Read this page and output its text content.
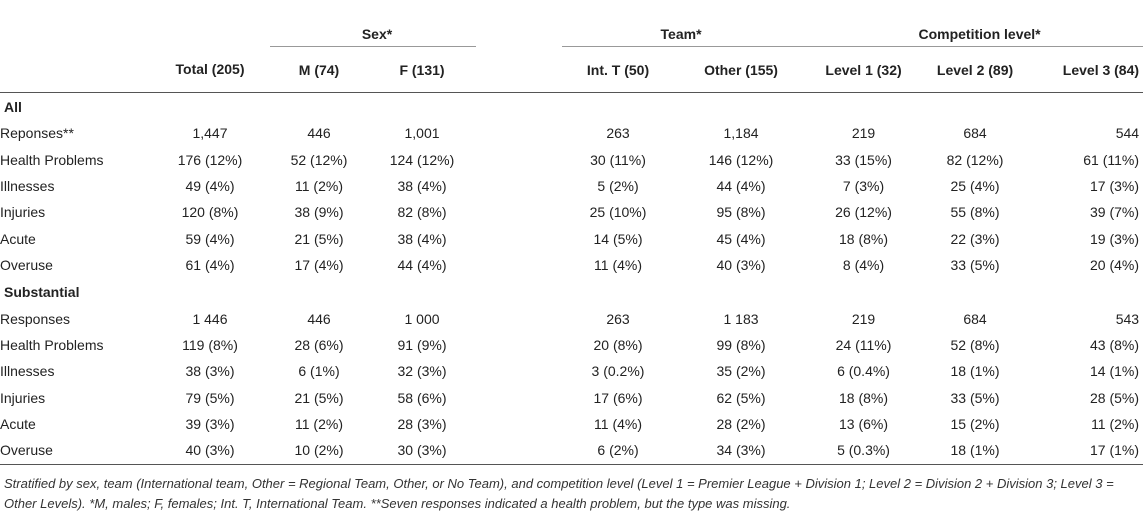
		Sex*			Team*		Competition level*		
	Total (205)	M (74)	F (131)		Int. T (50)	Other (155)	Level 1 (32)	Level 2 (89)	Level 3 (84)
All									
Reponses**	1,447	446	1,001		263	1,184	219	684	544
Health Problems	176 (12%)	52 (12%)	124 (12%)		30 (11%)	146 (12%)	33 (15%)	82 (12%)	61 (11%)
Illnesses	49 (4%)	11 (2%)	38 (4%)		5 (2%)	44 (4%)	7 (3%)	25 (4%)	17 (3%)
Injuries	120 (8%)	38 (9%)	82 (8%)		25 (10%)	95 (8%)	26 (12%)	55 (8%)	39 (7%)
Acute	59 (4%)	21 (5%)	38 (4%)		14 (5%)	45 (4%)	18 (8%)	22 (3%)	19 (3%)
Overuse	61 (4%)	17 (4%)	44 (4%)		11 (4%)	40 (3%)	8 (4%)	33 (5%)	20 (4%)
Substantial									
Responses	1 446	446	1 000		263	1 183	219	684	543
Health Problems	119 (8%)	28 (6%)	91 (9%)		20 (8%)	99 (8%)	24 (11%)	52 (8%)	43 (8%)
Illnesses	38 (3%)	6 (1%)	32 (3%)		3 (0.2%)	35 (2%)	6 (0.4%)	18 (1%)	14 (1%)
Injuries	79 (5%)	21 (5%)	58 (6%)		17 (6%)	62 (5%)	18 (8%)	33 (5%)	28 (5%)
Acute	39 (3%)	11 (2%)	28 (3%)		11 (4%)	28 (2%)	13 (6%)	15 (2%)	11 (2%)
Overuse	40 (3%)	10 (2%)	30 (3%)		6 (2%)	34 (3%)	5 (0.3%)	18 (1%)	17 (1%)

Stratified by sex, team (International team, Other = Regional Team, Other, or No Team), and competition level (Level 1 = Premier League + Division 1; Level 2 = Division 2 + Division 3; Level 3 = Other Levels). *M, males; F, females; Int. T, International Team. **Seven responses indicated a health problem, but the type was missing.
